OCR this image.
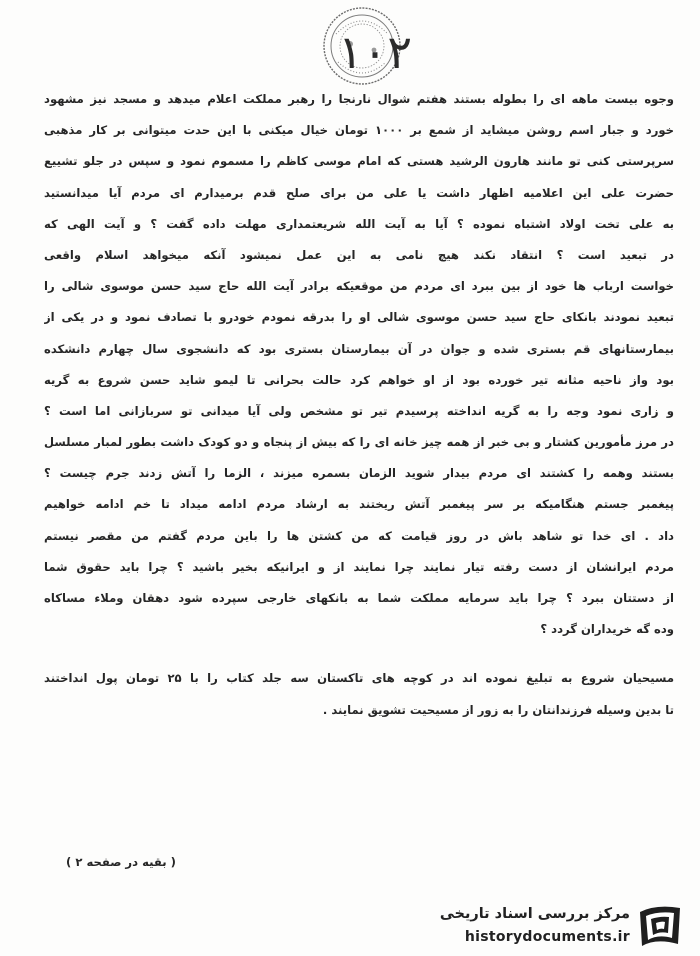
۱۰۲
وجوه بیست ماهه ای را بطوله بستند هفتم شوال نارنجا را رهبر مملکت اعلام میدهد و مسجد نیز مشهود
خورد و جبار اسم روشن میشاید از شمع بر ۱۰۰۰ تومان خیال میکنی با این حدت میتوانی بر کار مذهبی
سرپرستی کنی تو مانند هارون الرشید هستی که امام موسی کاظم را مسموم نمود و سپس در جلو تشییع
حضرت علی این اعلامیه اظهار داشت یا علی من برای صلح قدم برمیدارم ای مردم آیا میدانستید
به علی تخت اولاد اشتباه نموده ؟ آیا به آیت الله شریعتمداری مهلت داده گفت ؟ و آیت الهی که
در تبعید است ؟ انتقاد نکند هیچ نامی به این عمل نمیشود آنکه میخواهد اسلام واقعی
خواست ارباب ها خود از بین ببرد ای مردم من موقعیکه برادر آیت الله حاج سید حسن موسوی شالی را
تبعید نمودند بانکای حاج سید حسن موسوی شالی او را بدرقه نمودم خودرو با تصادف نمود و در یکی از
بیمارستانهای قم بستری شده و جوان در آن بیمارستان بستری بود که دانشجوی سال چهارم دانشکده
بود واز ناحیه مثانه تیر خورده بود از او خواهم کرد حالت بحرانی تا لیمو شاید حسن شروع به گریه
و زاری نمود وجه را به گریه انداخته پرسیدم تیر تو مشخص ولی آیا میدانی تو سربازانی اما است ؟
در مرز مأمورین کشتار و بی خبر از همه چیز خانه ای را که بیش از پنجاه و دو کودک داشت بطور لمبار مسلسل
بستند وهمه را کشتند ای مردم بیدار شوید الزمان بسمره میزند ، الزما را آتش زدند جرم چیست ؟
پیغمبر جستم هنگامیکه بر سر پیغمبر آتش ریختند به ارشاد مردم ادامه میداد تا خم ادامه خواهیم
داد . ای خدا تو شاهد باش در روز قیامت که من کشتن ها را باین مردم گفتم من مقصر نیستم
مردم ایرانشان از دست رفته تیار نمایند چرا نمایند از و ایرانیکه بخیر باشید ؟ چرا باید حقوق شما
از دستتان ببرد ؟ چرا باید سرمایه مملکت شما به بانکهای خارجی سپرده شود دهقان وملاء مساکاه
وده گه خریداران گردد ؟
مسیحیان شروع به تبلیغ نموده اند در کوچه های تاکستان سه جلد کتاب را با ۲۵ تومان پول انداختند
تا بدین وسیله فرزندانتان را به زور از مسیحیت تشویق نمایند .
( بقیه در صفحه ۲ )
مرکز بررسی اسناد تاریخی
historydocuments.ir
